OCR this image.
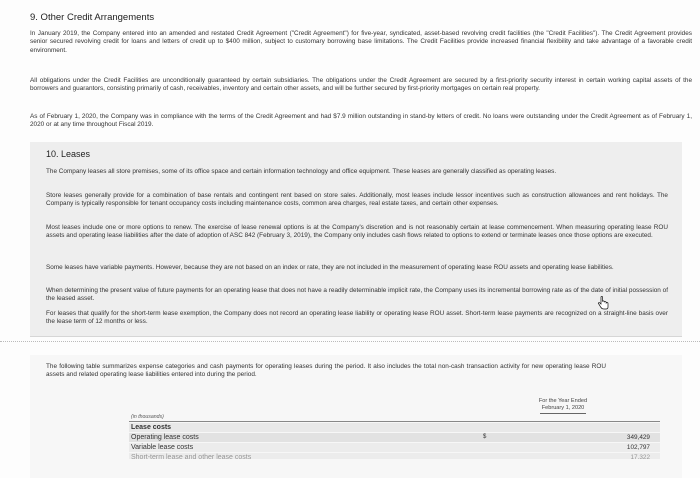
9. Other Credit Arrangements
In January 2019, the Company entered into an amended and restated Credit Agreement ("Credit Agreement") for five-year, syndicated, asset-based revolving credit facilities (the "Credit Facilities"). The Credit Agreement provides senior secured revolving credit for loans and letters of credit up to $400 million, subject to customary borrowing base limitations. The Credit Facilities provide increased financial flexibility and take advantage of a favorable credit environment.
All obligations under the Credit Facilities are unconditionally guaranteed by certain subsidiaries. The obligations under the Credit Agreement are secured by a first-priority security interest in certain working capital assets of the borrowers and guarantors, consisting primarily of cash, receivables, inventory and certain other assets, and will be further secured by first-priority mortgages on certain real property.
As of February 1, 2020, the Company was in compliance with the terms of the Credit Agreement and had $7.9 million outstanding in stand-by letters of credit. No loans were outstanding under the Credit Agreement as of February 1, 2020 or at any time throughout Fiscal 2019.
10. Leases
The Company leases all store premises, some of its office space and certain information technology and office equipment. These leases are generally classified as operating leases.
Store leases generally provide for a combination of base rentals and contingent rent based on store sales. Additionally, most leases include lessor incentives such as construction allowances and rent holidays. The Company is typically responsible for tenant occupancy costs including maintenance costs, common area charges, real estate taxes, and certain other expenses.
Most leases include one or more options to renew. The exercise of lease renewal options is at the Company's discretion and is not reasonably certain at lease commencement. When measuring operating lease ROU assets and operating lease liabilities after the date of adoption of ASC 842 (February 3, 2019), the Company only includes cash flows related to options to extend or terminate leases once those options are executed.
Some leases have variable payments. However, because they are not based on an index or rate, they are not included in the measurement of operating lease ROU assets and operating lease liabilities.
When determining the present value of future payments for an operating lease that does not have a readily determinable implicit rate, the Company uses its incremental borrowing rate as of the date of initial possession of the leased asset.
For leases that qualify for the short-term lease exemption, the Company does not record an operating lease liability or operating lease ROU asset. Short-term lease payments are recognized on a straight-line basis over the lease term of 12 months or less.
The following table summarizes expense categories and cash payments for operating leases during the period. It also includes the total non-cash transaction activity for new operating lease ROU assets and related operating lease liabilities entered into during the period.
For the Year Ended
February 1, 2020
(in thousands)
Lease costs
Operating lease costs	$	349,429
Variable lease costs	102,797
Short-term lease and other lease costs	17,322
